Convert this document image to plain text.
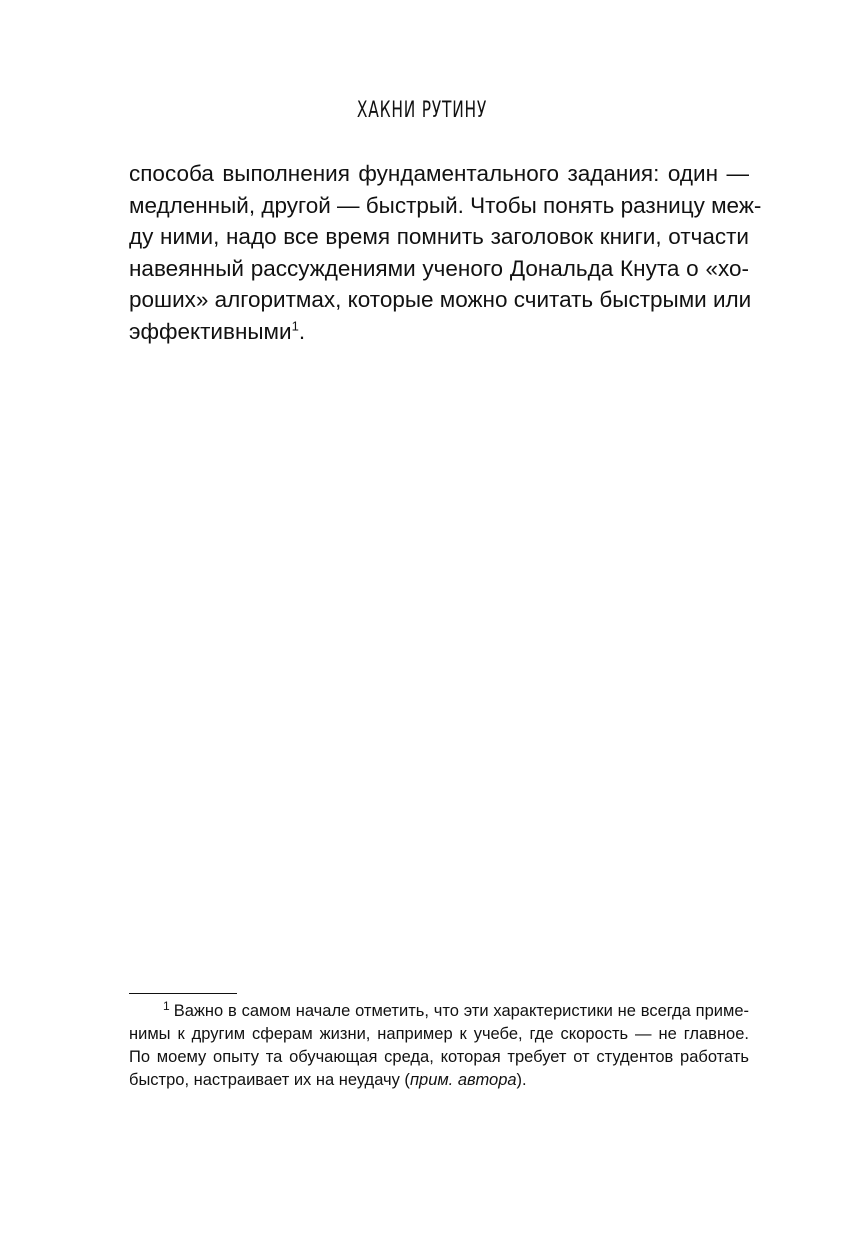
ХАКНИ РУТИНУ
способа выполнения фундаментального задания: один —
медленный, другой — быстрый. Чтобы понять разницу меж-
ду ними, надо все время помнить заголовок книги, отчасти
навеянный рассуждениями ученого Дональда Кнута о «хо-
роших» алгоритмах, которые можно считать быстрыми или
эффективными$^1$.
$^1$ Важно в самом начале отметить, что эти характеристики не всегда приме-
нимы к другим сферам жизни, например к учебе, где скорость — не главное.
По моему опыту та обучающая среда, которая требует от студентов работать
быстро, настраивает их на неудачу (прим. автора).
